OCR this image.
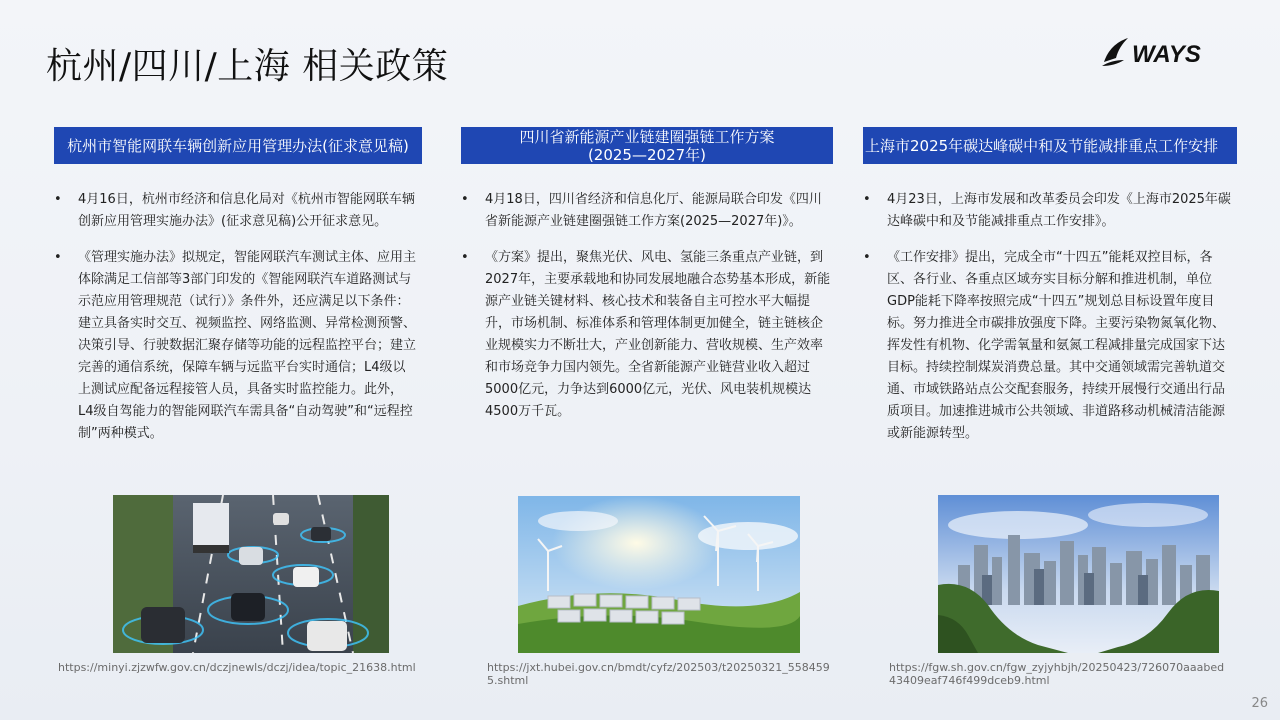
杭州/四川/上海 相关政策	WAYS
杭州市智能网联车辆创新应用管理办法(征求意见稿)
• 4月16日，杭州市经济和信息化局对《杭州市智能网联车辆创新应用管理实施办法》(征求意见稿)公开征求意见。
• 《管理实施办法》拟规定，智能网联汽车测试主体、应用主体除满足工信部等3部门印发的《智能网联汽车道路测试与示范应用管理规范（试行）》条件外，还应满足以下条件：建立具备实时交互、视频监控、网络监测、异常检测预警、决策引导、行驶数据汇聚存储等功能的远程监控平台；建立完善的通信系统，保障车辆与远监平台实时通信；L4级以上测试应配备远程接管人员，具备实时监控能力。此外，L4级自驾能力的智能网联汽车需具备“自动驾驶”和“远程控制”两种模式。
四川省新能源产业链建圈强链工作方案
(2025—2027年)
• 4月18日，四川省经济和信息化厅、能源局联合印发《四川省新能源产业链建圈强链工作方案(2025—2027年)》。
• 《方案》提出，聚焦光伏、风电、氢能三条重点产业链，到2027年，主要承载地和协同发展地融合态势基本形成，新能源产业链关键材料、核心技术和装备自主可控水平大幅提升，市场机制、标准体系和管理体制更加健全，链主链核企业规模实力不断壮大，产业创新能力、营收规模、生产效率和市场竞争力国内领先。全省新能源产业链营业收入超过5000亿元，力争达到6000亿元，光伏、风电装机规模达4500万千瓦。
上海市2025年碳达峰碳中和及节能减排重点工作安排
• 4月23日，上海市发展和改革委员会印发《上海市2025年碳达峰碳中和及节能减排重点工作安排》。
• 《工作安排》提出，完成全市“十四五”能耗双控目标，各区、各行业、各重点区域夯实目标分解和推进机制，单位GDP能耗下降率按照完成“十四五”规划总目标设置年度目标。努力推进全市碳排放强度下降。主要污染物氮氧化物、挥发性有机物、化学需氧量和氨氮工程减排量完成国家下达目标。持续控制煤炭消费总量。其中交通领域需完善轨道交通、市域铁路站点公交配套服务，持续开展慢行交通出行品质项目。加速推进城市公共领域、非道路移动机械清洁能源或新能源转型。
https://minyi.zjzwfw.gov.cn/dczjnewls/dczj/idea/topic_21638.html	https://jxt.hubei.gov.cn/bmdt/cyfz/202503/t20250321_5584595.shtml
https://fgw.sh.gov.cn/fgw_zyjyhbjh/20250423/726070aaabed43409eaf746f499dceb9.html
26
